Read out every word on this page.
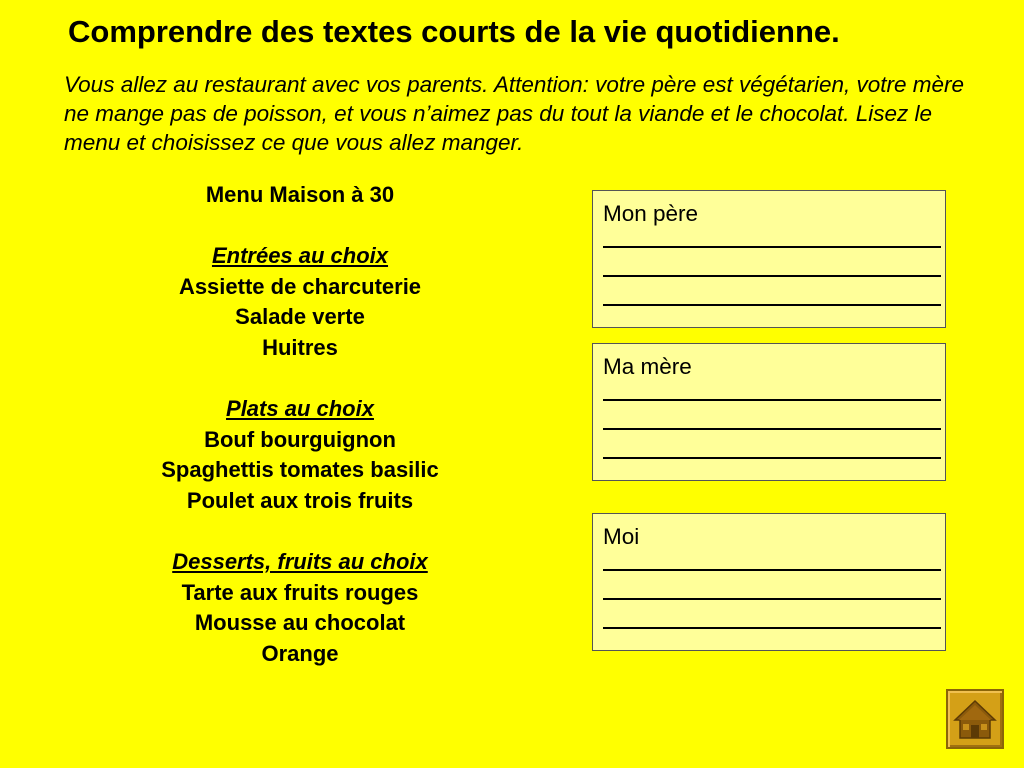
Comprendre des textes courts de la vie quotidienne.
Vous allez au restaurant avec vos parents. Attention: votre père est végétarien, votre mère ne mange pas de poisson, et vous n’aimez pas du tout la viande et le chocolat. Lisez le menu et choisissez ce que vous allez manger.
Menu Maison à 30
Entrées au choix
Assiette de charcuterie
Salade verte
Huitres
Plats au choix
Bouf bourguignon
Spaghettis tomates basilic
Poulet aux trois fruits
Desserts, fruits au choix
Tarte aux fruits rouges
Mousse au chocolat
Orange
Mon père
Ma mère
Moi
